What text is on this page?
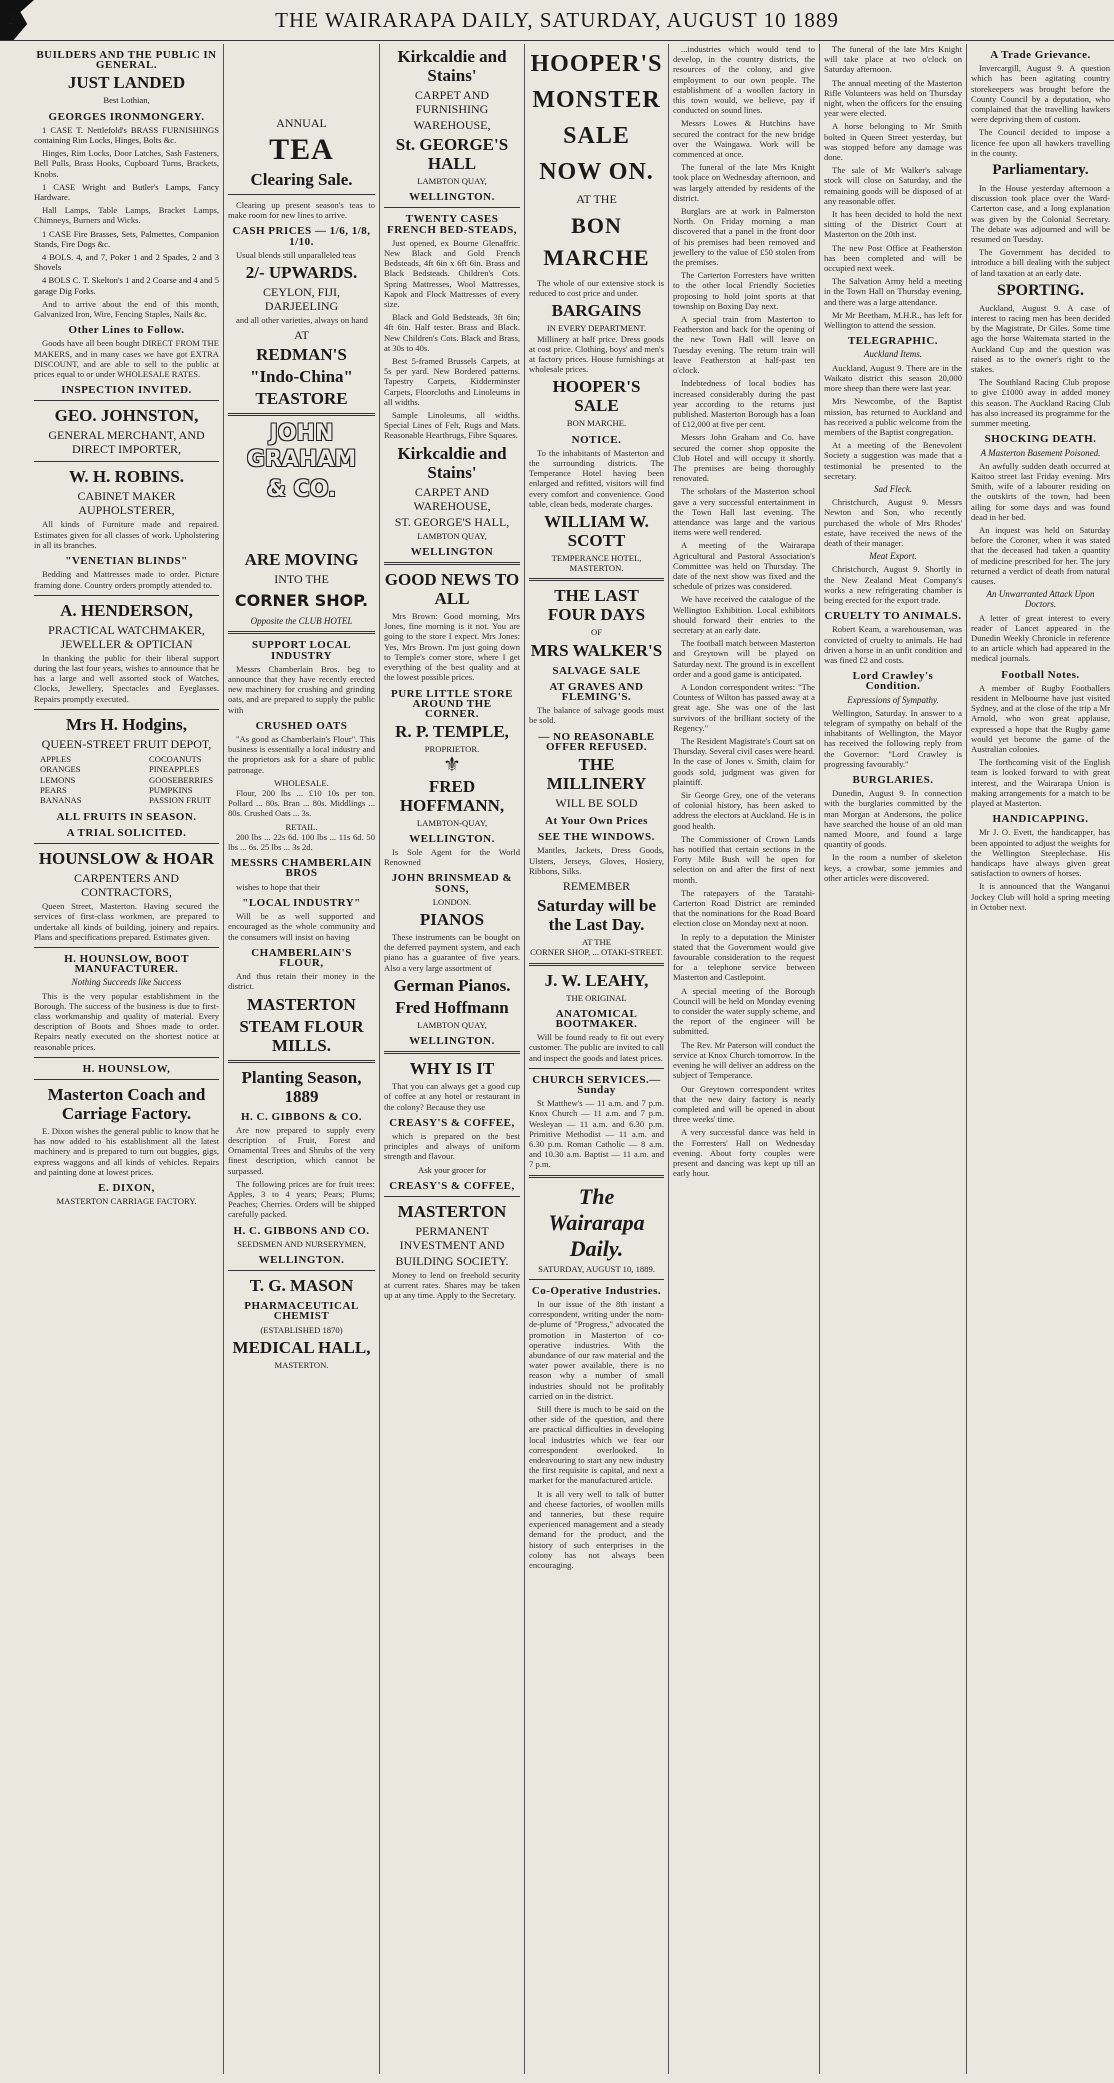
2	THE WAIRARAPA DAILY, SATURDAY, AUGUST 10 1889
BUILDERS AND THE PUBLIC IN GENERAL.
JUST LANDED
Best Lothian,
GEORGES IRONMONGERY.

1 CASE T. Nettlefold's BRASS FURNISHINGS containing Rim Locks, Hinges, Bolts &c.

Hinges, Rim Locks, Door Latches, Sash Fasteners, Bell Pulls, Brass Hooks, Cupboard Turns, Brackets, Knobs.

1 CASE Wright and Butler's Lamps, Fancy Hardware.

Hall Lamps, Table Lamps, Bracket Lamps, Chimneys, Burners and Wicks.

1 CASE Fire Brasses, Sets, Palmettes, Companion Stands, Fire Dogs &c.

4 BOLS. 4, and 7, Poker 1 and 2 Spades, 2 and 3 Shovels

4 BOLS C. T. Skelton's 1 and 2 Coarse and 4 and 5 garage Dig Forks.

And to arrive about the end of this month, Galvanized Iron, Wire, Fencing Staples, Nails &c.

Other Lines to Follow.

Goods have all been bought DIRECT FROM THE MAKERS, and in many cases we have got EXTRA DISCOUNT, and are able to sell to the public at prices equal to or under WHOLESALE RATES.

INSPECTION INVITED.
GEO. JOHNSTON,
GENERAL MERCHANT, AND DIRECT IMPORTER,
W. H. ROBINS.
CABINET MAKER AUPHOLSTERER,

All kinds of Furniture made and repaired. Estimates given for all classes of work. Upholstering in all its branches.

"VENETIAN BLINDS"

Bedding and Mattresses made to order. Picture framing done. Country orders promptly attended to.

A. HENDERSON,
PRACTICAL WATCHMAKER, JEWELLER & OPTICIAN

In thanking the public for their liberal support during the last four years, wishes to announce that he has a large and well assorted stock of Watches, Clocks, Jewellery, Spectacles and Eyeglasses. Repairs promptly executed.

Mrs H. Hodgins,
QUEEN-STREET FRUIT DEPOT,
APPLES
ORANGES
LEMONS
PEARS
BANANAS
COCOANUTS
PINEAPPLES
GOOSEBERRIES
PUMPKINS
PASSION FRUIT
ALL FRUITS IN SEASON.
A TRIAL SOLICITED.
HOUNSLOW & HOAR
CARPENTERS AND CONTRACTORS,

Queen Street, Masterton. Having secured the services of first-class workmen, are prepared to undertake all kinds of building, joinery and repairs. Plans and specifications prepared. Estimates given.

H. HOUNSLOW, BOOT MANUFACTURER.
Nothing Succeeds like Success

This is the very popular establishment in the Borough. The success of the business is due to first-class workmanship and quality of material. Every description of Boots and Shoes made to order. Repairs neatly executed on the shortest notice at reasonable prices.

H. HOUNSLOW,
Masterton Coach and Carriage Factory.

E. Dixon wishes the general public to know that he has now added to his establishment all the latest machinery and is prepared to turn out buggies, gigs, express waggons and all kinds of vehicles. Repairs and painting done at lowest prices.

E. DIXON,
MASTERTON CARRIAGE FACTORY.
ANNUAL
TEA
Clearing Sale.

Clearing up present season's teas to make room for new lines to arrive.

CASH PRICES — 1/6, 1/8, 1/10.

Usual blends still unparalleled teas

2/- UPWARDS.
CEYLON, FIJI, DARJEELING

and all other varieties, always on hand

AT
REDMAN'S
"Indo-China"
TEASTORE
JOHN GRAHAM
& CO.
ARE MOVING
INTO THE
CORNER SHOP.
Opposite the CLUB HOTEL
SUPPORT LOCAL INDUSTRY

Messrs Chamberlain Bros. beg to announce that they have recently erected new machinery for crushing and grinding oats, and are prepared to supply the public with

CRUSHED OATS

"As good as Chamberlain's Flour". This business is essentially a local industry and the proprietors ask for a share of public patronage.

WHOLESALE.

Flour, 200 lbs ... £10 10s per ton. Pollard ... 80s. Bran ... 80s. Middlings ... 80s. Crushed Oats ... 3s.

RETAIL.

200 lbs ... 22s 6d. 100 lbs ... 11s 6d. 50 lbs ... 6s. 25 lbs ... 3s 2d.

MESSRS CHAMBERLAIN BROS

wishes to hope that their

"LOCAL INDUSTRY"

Will be as well supported and encouraged as the whole community and the consumers will insist on having

CHAMBERLAIN'S FLOUR,

And thus retain their money in the district.

MASTERTON
STEAM FLOUR MILLS.
Planting Season, 1889
H. C. GIBBONS & CO.

Are now prepared to supply every description of Fruit, Forest and Ornamental Trees and Shrubs of the very finest description, which cannot be surpassed.

The following prices are for fruit trees: Apples, 3 to 4 years; Pears; Plums; Peaches; Cherries. Orders will be shipped carefully packed.

H. C. GIBBONS AND CO.
SEEDSMEN AND NURSERYMEN,
WELLINGTON.
T. G. MASON
PHARMACEUTICAL CHEMIST
(ESTABLISHED 1870)
MEDICAL HALL,
MASTERTON.
Kirkcaldie and Stains'
CARPET AND FURNISHING
WAREHOUSE,
St. GEORGE'S HALL
LAMBTON QUAY,
WELLINGTON.
TWENTY CASES FRENCH BED-STEADS,

Just opened, ex Bourne Glenaffric. New Black and Gold French Bedsteads, 4ft 6in x 6ft 6in. Brass and Black Bedsteads. Children's Cots. Spring Mattresses, Wool Mattresses, Kapok and Flock Mattresses of every size.

Black and Gold Bedsteads, 3ft 6in; 4ft 6in. Half tester. Brass and Black. New Children's Cots. Black and Brass, at 30s to 40s.

Best 5-framed Brussels Carpets, at 5s per yard. New Bordered patterns. Tapestry Carpets, Kidderminster Carpets, Floorcloths and Linoleums in all widths.

Sample Linoleums, all widths. Special Lines of Felt, Rugs and Mats. Reasonable Hearthrugs, Fibre Squares.

Kirkcaldie and Stains'
CARPET AND WAREHOUSE,
ST. GEORGE'S HALL,
LAMBTON QUAY,
WELLINGTON
GOOD NEWS TO ALL

Mrs Brown: Good morning, Mrs Jones, fine morning is it not. You are going to the store I expect. Mrs Jones: Yes, Mrs Brown. I'm just going down to Temple's corner store, where I get everything of the best quality and at the lowest possible prices.

PURE LITTLE STORE AROUND THE CORNER.
R. P. TEMPLE,
PROPRIETOR.
⚜
FRED HOFFMANN,
LAMBTON-QUAY,
WELLINGTON.

Is Sole Agent for the World Renowned

JOHN BRINSMEAD & SONS,
LONDON.
PIANOS

These instruments can be bought on the deferred payment system, and each piano has a guarantee of five years. Also a very large assortment of

German Pianos.
Fred Hoffmann
LAMBTON QUAY,
WELLINGTON.
WHY IS IT

That you can always get a good cup of coffee at any hotel or restaurant in the colony? Because they use

CREASY'S & COFFEE,

which is prepared on the best principles and always of uniform strength and flavour.

Ask your grocer for
CREASY'S & COFFEE,
MASTERTON
PERMANENT INVESTMENT AND
BUILDING SOCIETY.

Money to lend on freehold security at current rates. Shares may be taken up at any time. Apply to the Secretary.

HOOPER'S
MONSTER
SALE
NOW ON.
AT THE
BON MARCHE

The whole of our extensive stock is reduced to cost price and under.

BARGAINS
IN EVERY DEPARTMENT.

Millinery at half price. Dress goods at cost price. Clothing, boys' and men's at factory prices. House furnishings at wholesale prices.

HOOPER'S SALE
BON MARCHE.
NOTICE.

To the inhabitants of Masterton and the surrounding districts. The Temperance Hotel having been enlarged and refitted, visitors will find every comfort and convenience. Good table, clean beds, moderate charges.

WILLIAM W. SCOTT
TEMPERANCE HOTEL,
MASTERTON.
THE LAST FOUR DAYS
OF
MRS WALKER'S
SALVAGE SALE
AT GRAVES AND FLEMING'S.

The balance of salvage goods must be sold.

— NO REASONABLE OFFER REFUSED.
THE MILLINERY
WILL BE SOLD
At Your Own Prices
SEE THE WINDOWS.

Mantles, Jackets, Dress Goods, Ulsters, Jerseys, Gloves, Hosiery, Ribbons, Silks.

REMEMBER
Saturday will be the Last Day.
AT THE
CORNER SHOP, ... OTAKI-STREET.
J. W. LEAHY,
THE ORIGINAL
ANATOMICAL BOOTMAKER.

Will be found ready to fit out every customer. The public are invited to call and inspect the goods and latest prices.

CHURCH SERVICES.—Sunday

St Matthew's — 11 a.m. and 7 p.m. Knox Church — 11 a.m. and 7 p.m. Wesleyan — 11 a.m. and 6.30 p.m. Primitive Methodist — 11 a.m. and 6.30 p.m. Roman Catholic — 8 a.m. and 10.30 a.m. Baptist — 11 a.m. and 7 p.m.

The Wairarapa Daily.
SATURDAY, AUGUST 10, 1889.
Co-Operative Industries.

In our issue of the 8th instant a correspondent, writing under the nom-de-plume of "Progress," advocated the promotion in Masterton of co-operative industries. With the abundance of our raw material and the water power available, there is no reason why a number of small industries should not be profitably carried on in the district.

Still there is much to be said on the other side of the question, and there are practical difficulties in developing local industries which we fear our correspondent overlooked. In endeavouring to start any new industry the first requisite is capital, and next a market for the manufactured article.

It is all very well to talk of butter and cheese factories, of woollen mills and tanneries, but these require experienced management and a steady demand for the product, and the history of such enterprises in the colony has not always been encouraging.

...industries which would tend to develop, in the country districts, the resources of the colony, and give employment to our own people. The establishment of a woollen factory in this town would, we believe, pay if conducted on sound lines.

Messrs Lowes & Hutchins have secured the contract for the new bridge over the Waingawa. Work will be commenced at once.

The funeral of the late Mrs Knight took place on Wednesday afternoon, and was largely attended by residents of the district.

Burglars are at work in Palmerston North. On Friday morning a man discovered that a panel in the front door of his premises had been removed and jewellery to the value of £50 stolen from the premises.

The Carterton Forresters have written to the other local Friendly Societies proposing to hold joint sports at that township on Boxing Day next.

A special train from Masterton to Featherston and back for the opening of the new Town Hall will leave on Tuesday evening. The return train will leave Featherston at half-past ten o'clock.

Indebtedness of local bodies has increased considerably during the past year according to the returns just published. Masterton Borough has a loan of £12,000 at five per cent.

Messrs John Graham and Co. have secured the corner shop opposite the Club Hotel and will occupy it shortly. The premises are being thoroughly renovated.

The scholars of the Masterton school gave a very successful entertainment in the Town Hall last evening. The attendance was large and the various items were well rendered.

A meeting of the Wairarapa Agricultural and Pastoral Association's Committee was held on Thursday. The date of the next show was fixed and the schedule of prizes was considered.

We have received the catalogue of the Wellington Exhibition. Local exhibitors should forward their entries to the secretary at an early date.

The football match between Masterton and Greytown will be played on Saturday next. The ground is in excellent order and a good game is anticipated.

A London correspondent writes: "The Countess of Wilton has passed away at a great age. She was one of the last survivors of the brilliant society of the Regency."

The Resident Magistrate's Court sat on Thursday. Several civil cases were heard. In the case of Jones v. Smith, claim for goods sold, judgment was given for plaintiff.

Sir George Grey, one of the veterans of colonial history, has been asked to address the electors at Auckland. He is in good health.

The Commissioner of Crown Lands has notified that certain sections in the Forty Mile Bush will be open for selection on and after the first of next month.

The ratepayers of the Taratahi-Carterton Road District are reminded that the nominations for the Road Board election close on Monday next at noon.

In reply to a deputation the Minister stated that the Government would give favourable consideration to the request for a telephone service between Masterton and Castlepoint.

A special meeting of the Borough Council will be held on Monday evening to consider the water supply scheme, and the report of the engineer will be submitted.

The Rev. Mr Paterson will conduct the service at Knox Church tomorrow. In the evening he will deliver an address on the subject of Temperance.

Our Greytown correspondent writes that the new dairy factory is nearly completed and will be opened in about three weeks' time.

A very successful dance was held in the Forresters' Hall on Wednesday evening. About forty couples were present and dancing was kept up till an early hour.

The funeral of the late Mrs Knight will take place at two o'clock on Saturday afternoon.

The annual meeting of the Masterton Rifle Volunteers was held on Thursday night, when the officers for the ensuing year were elected.

A horse belonging to Mr Smith bolted in Queen Street yesterday, but was stopped before any damage was done.

The sale of Mr Walker's salvage stock will close on Saturday, and the remaining goods will be disposed of at any reasonable offer.

It has been decided to hold the next sitting of the District Court at Masterton on the 20th inst.

The new Post Office at Featherston has been completed and will be occupied next week.

The Salvation Army held a meeting in the Town Hall on Thursday evening, and there was a large attendance.

Mr Mr Beetham, M.H.R., has left for Wellington to attend the session.

TELEGRAPHIC.
Auckland Items.

Auckland, August 9. There are in the Waikato district this season 20,000 more sheep than there were last year.

Mrs Newcombe, of the Baptist mission, has returned to Auckland and has received a public welcome from the members of the Baptist congregation.

At a meeting of the Benevolent Society a suggestion was made that a testimonial be presented to the secretary.

Sad Fleck.

Christchurch, August 9. Messrs Newton and Son, who recently purchased the whole of Mrs Rhodes' estate, have received the news of the death of their manager.

Meat Export.

Christchurch, August 9. Shortly in the New Zealand Meat Company's works a new refrigerating chamber is being erected for the export trade.

CRUELTY TO ANIMALS.

Robert Keam, a warehouseman, was convicted of cruelty to animals. He had driven a horse in an unfit condition and was fined £2 and costs.

Lord Crawley's Condition.
Expressions of Sympathy.

Wellington, Saturday. In answer to a telegram of sympathy on behalf of the inhabitants of Wellington, the Mayor has received the following reply from the Governor: "Lord Crawley is progressing favourably."

BURGLARIES.

Dunedin, August 9. In connection with the burglaries committed by the man Morgan at Andersons, the police have searched the house of an old man named Moore, and found a large quantity of goods.

In the room a number of skeleton keys, a crowbar, some jemmies and other articles were discovered.

A Trade Grievance.

Invercargill, August 9. A question which has been agitating country storekeepers was brought before the County Council by a deputation, who complained that the travelling hawkers were depriving them of custom.

The Council decided to impose a licence fee upon all hawkers travelling in the county.

Parliamentary.

In the House yesterday afternoon a discussion took place over the Ward-Carterton case, and a long explanation was given by the Colonial Secretary. The debate was adjourned and will be resumed on Tuesday.

The Government has decided to introduce a bill dealing with the subject of land taxation at an early date.

SPORTING.

Auckland, August 9. A case of interest to racing men has been decided by the Magistrate, Dr Giles. Some time ago the horse Waitemata started in the Auckland Cup and the question was raised as to the owner's right to the stakes.

The Southland Racing Club propose to give £1000 away in added money this season. The Auckland Racing Club has also increased its programme for the summer meeting.

SHOCKING DEATH.
A Masterton Basement Poisoned.

An awfully sudden death occurred at Kaitoo street last Friday evening. Mrs Smith, wife of a labourer residing on the outskirts of the town, had been ailing for some days and was found dead in her bed.

An inquest was held on Saturday before the Coroner, when it was stated that the deceased had taken a quantity of medicine prescribed for her. The jury returned a verdict of death from natural causes.

An Unwarranted Attack Upon Doctors.

A letter of great interest to every reader of Lancet appeared in the Dunedin Weekly Chronicle in reference to an article which had appeared in the medical journals.

Football Notes.

A member of Rugby Footballers resident in Melbourne have just visited Sydney, and at the close of the trip a Mr Arnold, who won great applause, expressed a hope that the Rugby game would yet become the game of the Australian colonies.

The forthcoming visit of the English team is looked forward to with great interest, and the Wairarapa Union is making arrangements for a match to be played at Masterton.

HANDICAPPING.

Mr J. O. Evett, the handicapper, has been appointed to adjust the weights for the Wellington Steeplechase. His handicaps have always given great satisfaction to owners of horses.

It is announced that the Wanganui Jockey Club will hold a spring meeting in October next.
